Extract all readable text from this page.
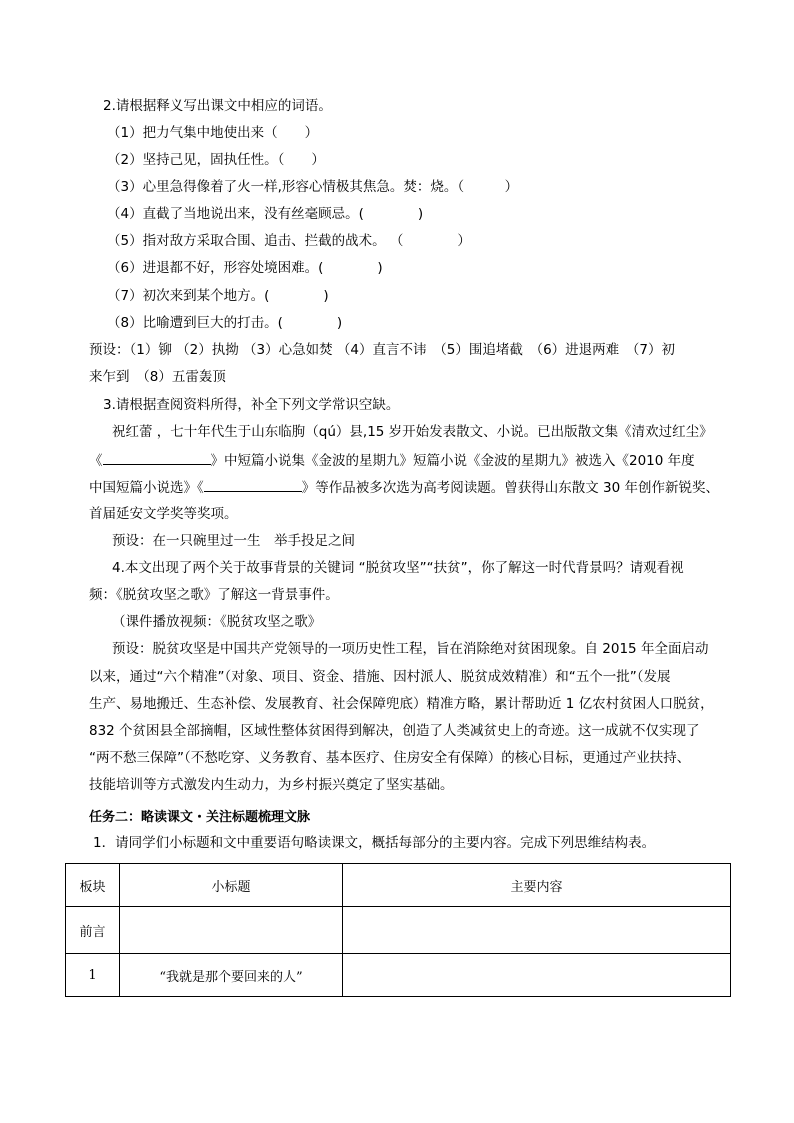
2.请根据释义写出课文中相应的词语。
（1）把力气集中地使出来（　　）
（2）坚持己见，固执任性。（　　）
（3）心里急得像着了火一样,形容心情极其焦急。焚：烧。（　　　）
（4）直截了当地说出来，没有丝毫顾忌。(　　　　)
（5）指对敌方采取合围、追击、拦截的战术。 （　　　　）
（6）进退都不好，形容处境困难。(　　　　)
（7）初次来到某个地方。(　　　　)
（8）比喻遭到巨大的打击。(　　　　)
预设：（1）铆 （2）执拗 （3）心急如焚 （4）直言不讳　（5）围追堵截　（6）进退两难　（7）初
来乍到　（8）五雷轰顶
3.请根据查阅资料所得，补全下列文学常识空缺。
祝红蕾 ，七十年代生于山东临朐（qú）县,15 岁开始发表散文、小说。已出版散文集《清欢过红尘》
《	》中短篇小说集《金波的星期九》短篇小说《金波的星期九》被选入《2010 年度
中国短篇小说选》《	》等作品被多次选为高考阅读题。曾获得山东散文 30 年创作新锐奖、
首届延安文学奖等奖项。
预设：在一只碗里过一生　举手投足之间
4.本文出现了两个关于故事背景的关键词 “脱贫攻坚”“扶贫”，你了解这一时代背景吗？请观看视
频：《脱贫攻坚之歌》了解这一背景事件。
（课件播放视频：《脱贫攻坚之歌》
预设：脱贫攻坚是中国共产党领导的一项历史性工程，旨在消除绝对贫困现象。自 2015 年全面启动
以来，通过“六个精准”（对象、项目、资金、措施、因村派人、脱贫成效精准）和“五个一批”（发展
生产、易地搬迁、生态补偿、发展教育、社会保障兜底）精准方略，累计帮助近 1 亿农村贫困人口脱贫，
832 个贫困县全部摘帽，区域性整体贫困得到解决，创造了人类减贫史上的奇迹。这一成就不仅实现了
“两不愁三保障”（不愁吃穿、义务教育、基本医疗、住房安全有保障）的核心目标，更通过产业扶持、
技能培训等方式激发内生动力，为乡村振兴奠定了坚实基础。
任务二：略读课文・关注标题梳理文脉
1．请同学们小标题和文中重要语句略读课文，概括每部分的主要内容。完成下列思维结构表。
板块	小标题	主要内容
前言		
1	“我就是那个要回来的人”	
